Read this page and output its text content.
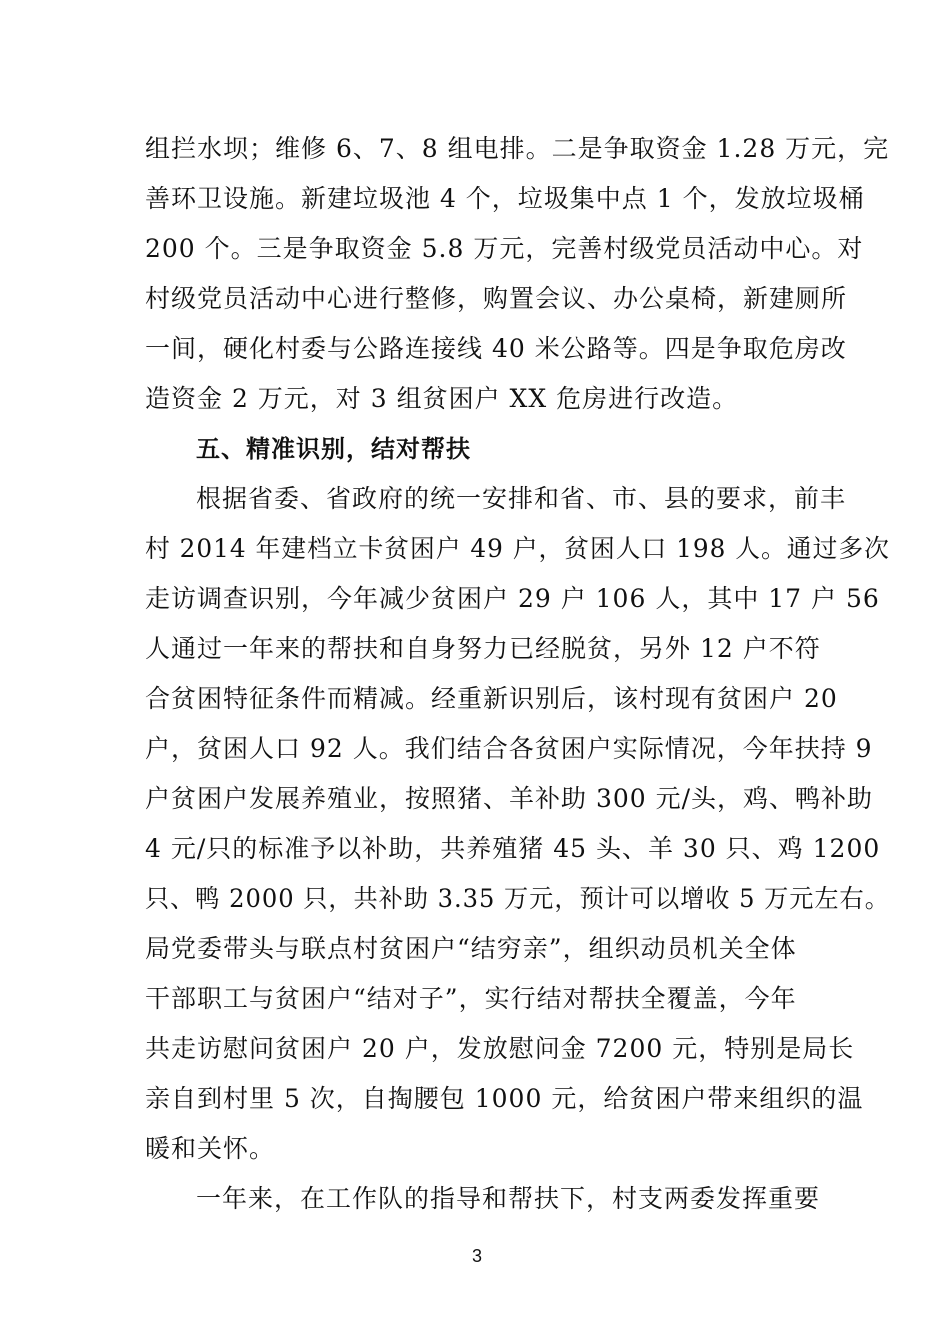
组拦水坝；维修 6、7、8 组电排。二是争取资金 1.28 万元，完
善环卫设施。新建垃圾池 4 个，垃圾集中点 1 个，发放垃圾桶
200 个。三是争取资金 5.8 万元，完善村级党员活动中心。对
村级党员活动中心进行整修，购置会议、办公桌椅，新建厕所
一间，硬化村委与公路连接线 40 米公路等。四是争取危房改
造资金 2 万元，对 3 组贫困户 XX 危房进行改造。
五、精准识别，结对帮扶
根据省委、省政府的统一安排和省、市、县的要求，前丰
村 2014 年建档立卡贫困户 49 户，贫困人口 198 人。通过多次
走访调查识别，今年减少贫困户 29 户 106 人，其中 17 户 56
人通过一年来的帮扶和自身努力已经脱贫，另外 12 户不符
合贫困特征条件而精减。经重新识别后，该村现有贫困户 20
户，贫困人口 92 人。我们结合各贫困户实际情况，今年扶持 9
户贫困户发展养殖业，按照猪、羊补助 300 元/头，鸡、鸭补助
4 元/只的标准予以补助，共养殖猪 45 头、羊 30 只、鸡 1200
只、鸭 2000 只，共补助 3.35 万元，预计可以增收 5 万元左右。
局党委带头与联点村贫困户“结穷亲”，组织动员机关全体
干部职工与贫困户“结对子”，实行结对帮扶全覆盖，今年
共走访慰问贫困户 20 户，发放慰问金 7200 元，特别是局长
亲自到村里 5 次，自掏腰包 1000 元，给贫困户带来组织的温
暖和关怀。
一年来，在工作队的指导和帮扶下，村支两委发挥重要
3
